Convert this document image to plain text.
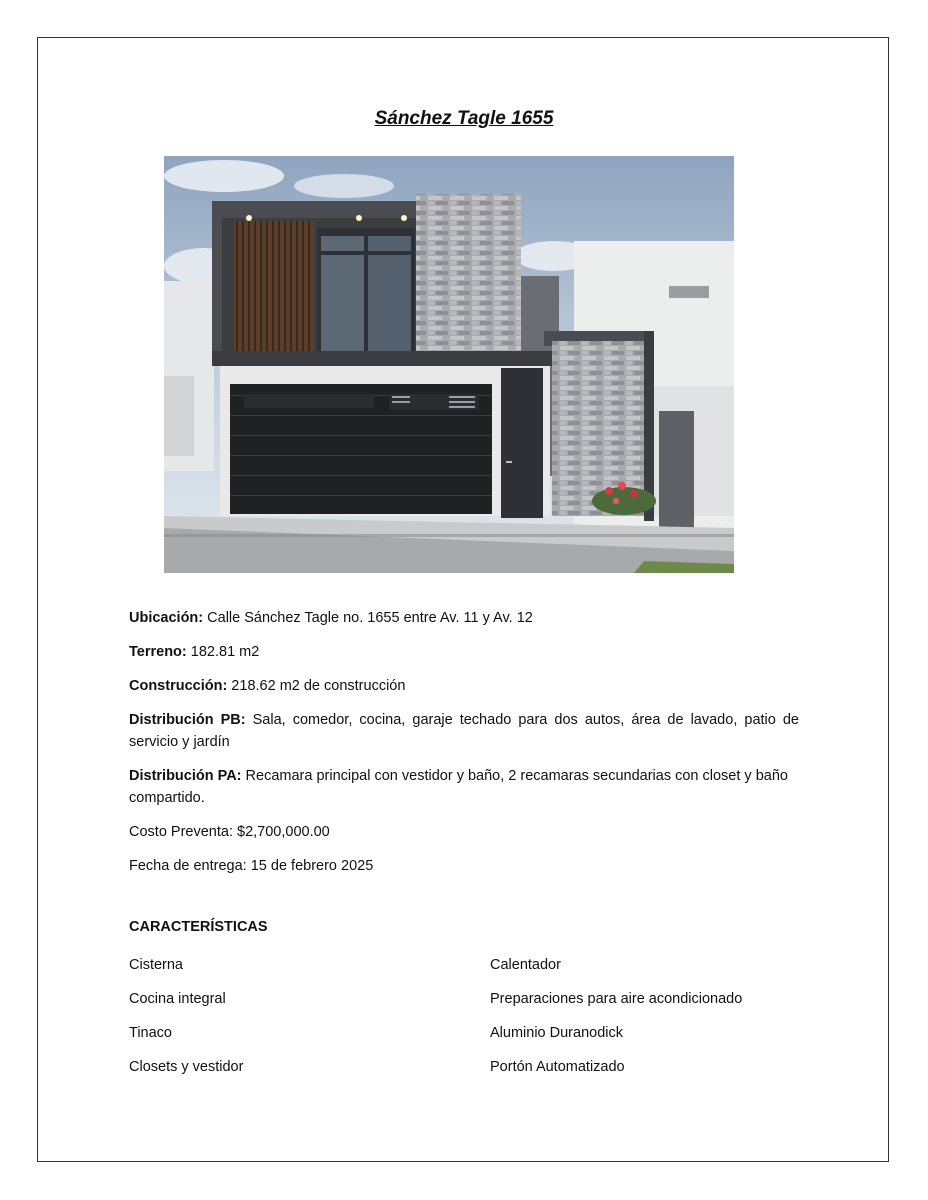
Sánchez Tagle 1655
Ubicación: Calle Sánchez Tagle no. 1655 entre Av. 11 y Av. 12
Terreno: 182.81 m2
Construcción: 218.62 m2 de construcción
Distribución PB: Sala, comedor, cocina, garaje techado para dos autos, área de lavado, patio de servicio y jardín
Distribución PA: Recamara principal con vestidor y baño, 2 recamaras secundarias con closet y baño compartido.
Costo Preventa: $2,700,000.00
Fecha de entrega: 15 de febrero 2025
CARACTERÍSTICAS
Cisterna
Cocina integral
Tinaco
Closets y vestidor
Calentador
Preparaciones para aire acondicionado
Aluminio Duranodick
Portón Automatizado
